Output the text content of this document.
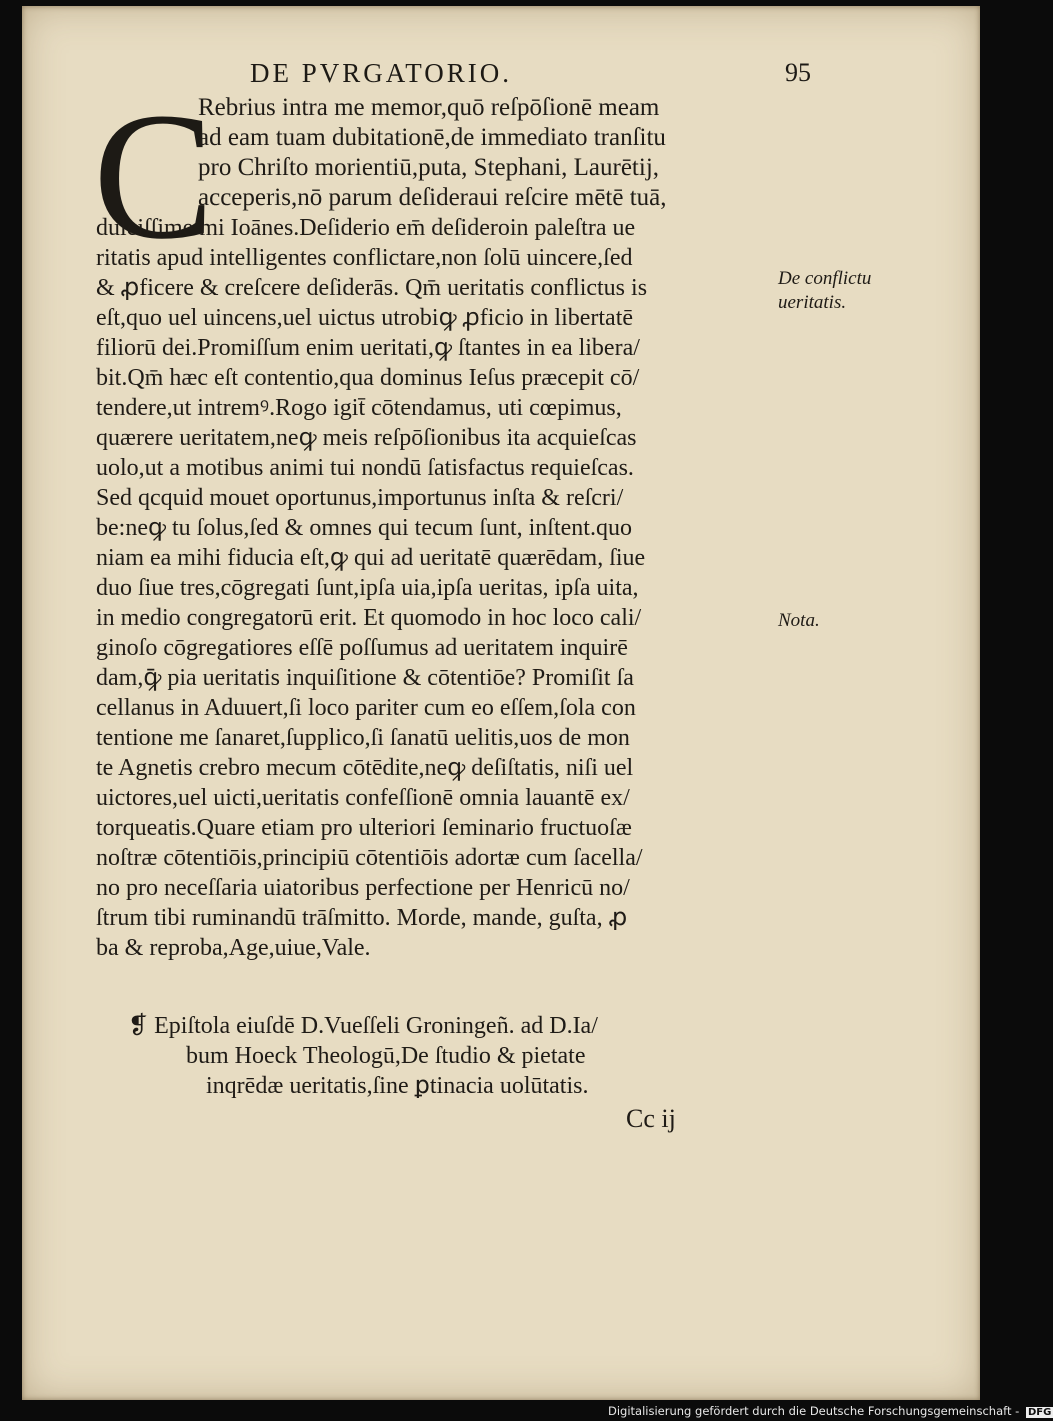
DE PVRGATORIO.	95
C
Rebrius intra me memor,quō reſpōſionē meam
ad eam tuam dubitationē,de immediato tranſitu
pro Chriſto morientiū,puta, Stephani, Laurētij,
acceperis,nō parum deſideraui reſcire mētē tuā,
dulciſſime mi Ioānes.Deſiderio em̄ deſideroin paleſtra ue
ritatis apud intelligentes conflictare,non ſolū uincere,ſed
& ꝓficere & creſcere deſiderās. Qm̄ ueritatis conflictus is
eſt,quo uel uincens,uel uictus utrobiꝙ ꝓficio in libertatē
filiorū dei.Promiſſum enim ueritati,ꝙ ſtantes in ea libera/
bit.Qm̄ hæc eſt contentio,qua dominus Ieſus præcepit cō/
tendere,ut intremꝰ.Rogo igit̄ cōtendamus, uti cœpimus,
quærere ueritatem,neꝙ meis reſpōſionibus ita acquieſcas
uolo,ut a motibus animi tui nondū ſatisfactus requieſcas.
Sed qcquid mouet oportunus,importunus inſta & reſcri/
be:neꝙ tu ſolus,ſed & omnes qui tecum ſunt, inſtent.quo
niam ea mihi fiducia eſt,ꝙ qui ad ueritatē quærēdam, ſiue
duo ſiue tres,cōgregati ſunt,ipſa uia,ipſa ueritas, ipſa uita,
in medio congregatorū erit. Et quomodo in hoc loco cali/
ginoſo cōgregatiores eſſē poſſumus ad ueritatem inquirē
dam,ꝙ̄ pia ueritatis inquiſitione & cōtentiōe? Promiſit ſa
cellanus in Aduuert,ſi loco pariter cum eo eſſem,ſola con
tentione me ſanaret,ſupplico,ſi ſanatū uelitis,uos de mon
te Agnetis crebro mecum cōtēdite,neꝙ deſiſtatis, niſi uel
uictores,uel uicti,ueritatis confeſſionē omnia lauantē ex/
torqueatis.Quare etiam pro ulteriori ſeminario fructuoſæ
noſtræ cōtentiōis,principiū cōtentiōis adortæ cum ſacella/
no pro neceſſaria uiatoribus perfectione per Henricū no/
ſtrum tibi ruminandū trāſmitto. Morde, mande, guſta, ꝓ
ba & reproba,Age,uiue,Vale.
De conflictu
ueritatis.
Nota.
❡ Epiſtola eiuſdē D.Vueſſeli Groningeñ. ad D.Ia/
bum Hoeck Theologū,De ſtudio & pietate
inqrēdæ ueritatis,ſine ꝑtinacia uolūtatis.
Cc ij
Digitalisierung gefördert durch die Deutsche Forschungsgemeinschaft - DFG
